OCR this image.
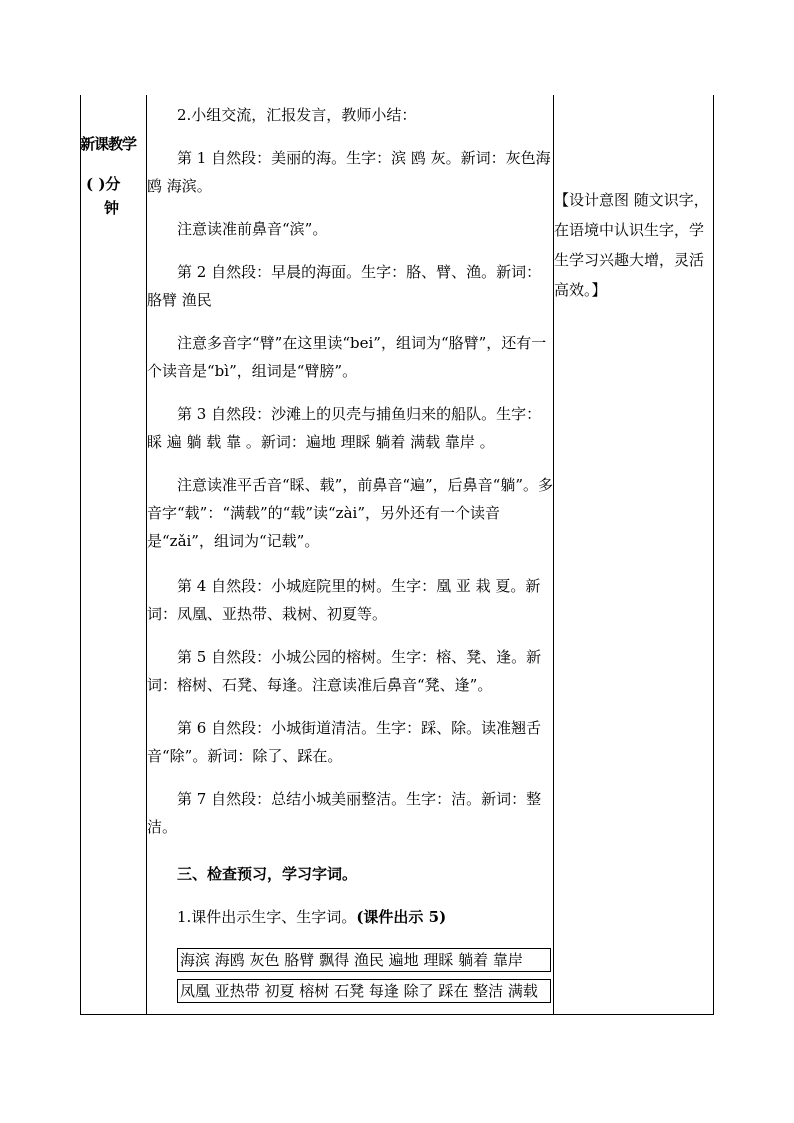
新课教学
( )分
钟
2.小组交流，汇报发言，教师小结：
第 1 自然段：美丽的海。生字：滨 鸥 灰。新词：灰色海鸥 海滨。
注意读准前鼻音“滨”。
第 2 自然段：早晨的海面。生字：胳、臂、渔。新词：胳臂 渔民
注意多音字“臂”在这里读“bei”，组词为“胳臂”，还有一个读音是“bì”，组词是“臂膀”。
第 3 自然段：沙滩上的贝壳与捕鱼归来的船队。生字：睬 遍 躺 载 靠 。新词：遍地 理睬 躺着 满载 靠岸 。
注意读准平舌音“睬、载”，前鼻音“遍”，后鼻音“躺”。多音字“载”：“满载”的“载”读“zài”，另外还有一个读音是“zǎi”，组词为“记载”。
第 4 自然段：小城庭院里的树。生字：凰 亚 栽 夏。新词：凤凰、亚热带、栽树、初夏等。
第 5 自然段：小城公园的榕树。生字：榕、凳、逢。新词：榕树、石凳、每逢。注意读准后鼻音“凳、逢”。
第 6 自然段：小城街道清洁。生字：踩、除。读准翘舌音“除”。新词：除了、踩在。
第 7 自然段：总结小城美丽整洁。生字：洁。新词：整洁。
三、检查预习，学习字词。
1.课件出示生字、生字词。(课件出示 5)
海滨 海鸥 灰色 胳臂 飘得 渔民 遍地 理睬 躺着 靠岸
凤凰 亚热带 初夏 榕树 石凳 每逢 除了 踩在 整洁 满载
【设计意图 随文识字，在语境中认识生字，学生学习兴趣大增，灵活高效。】
